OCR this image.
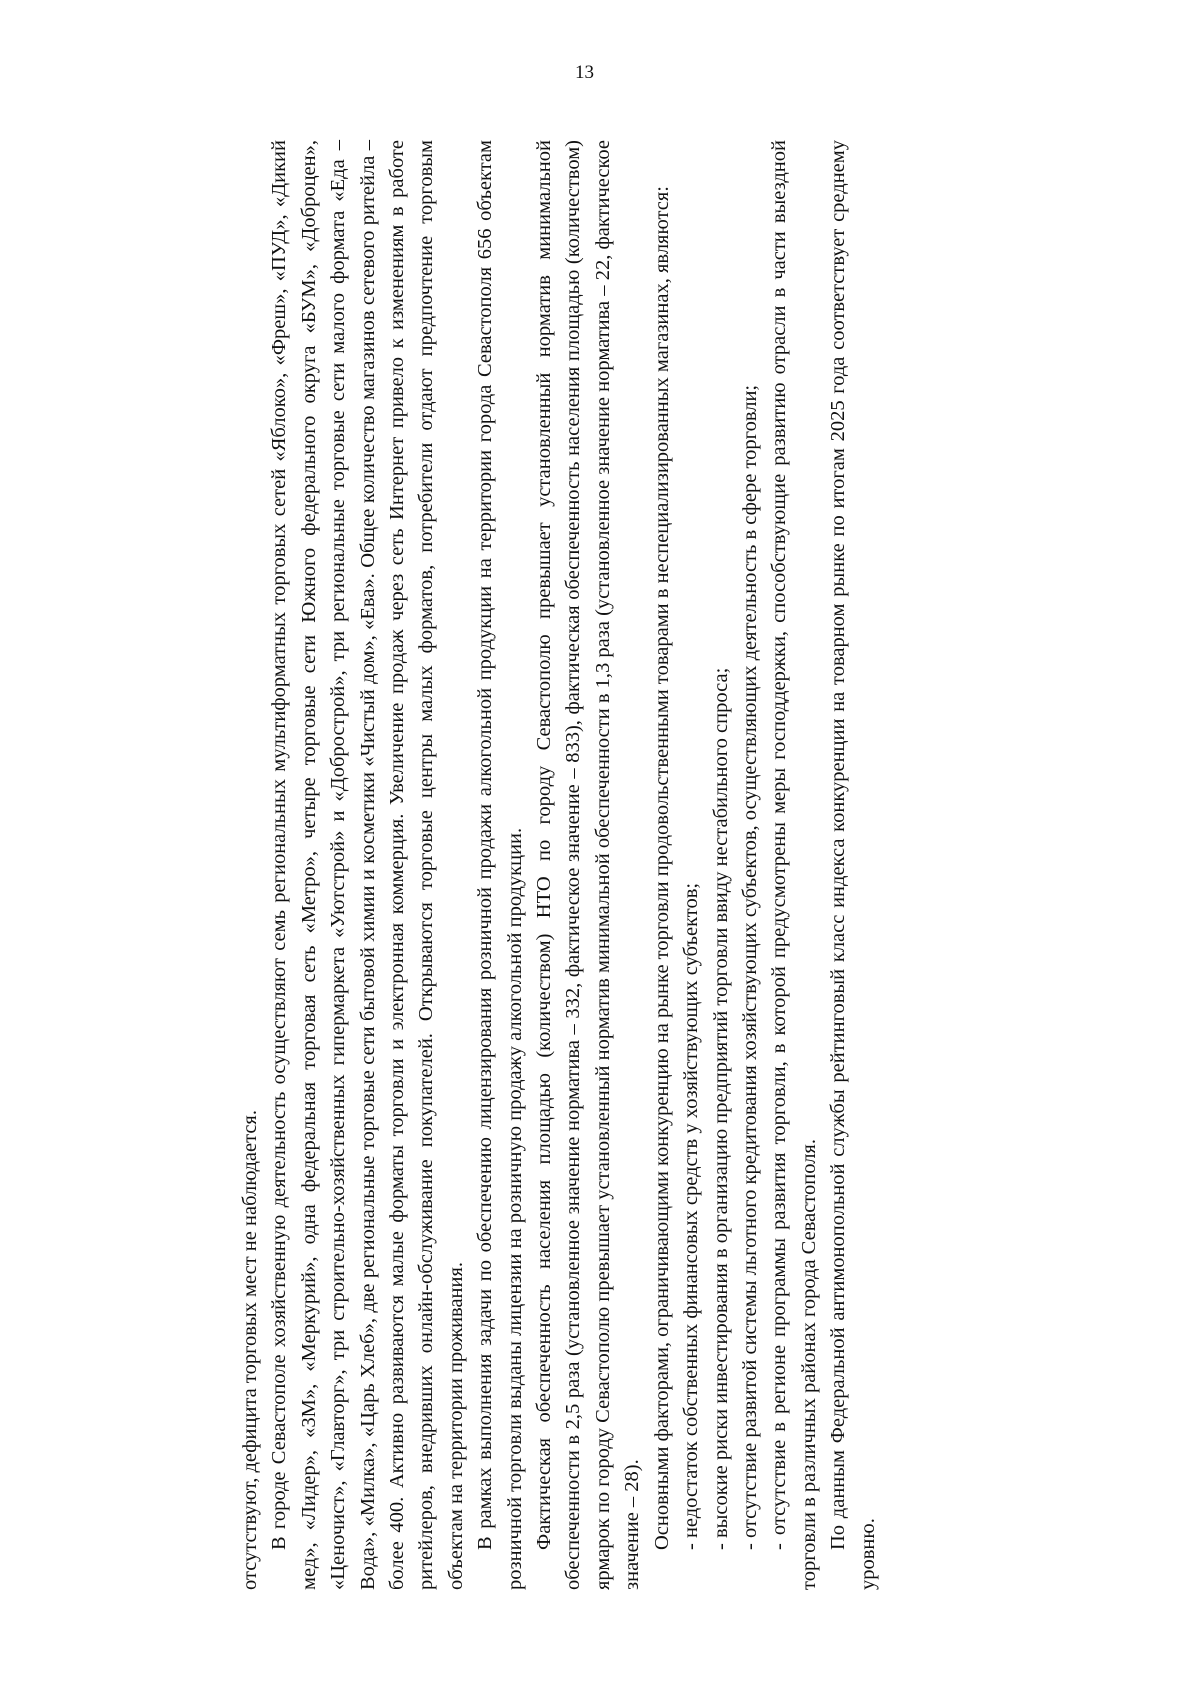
13

отсутствуют, дефицита торговых мест не наблюдается. В городе Севастополе хозяйственную деятельность осуществляют семь региональных мультиформатных торговых сетей «Яблоко», «Фреш», «ПУД», «Дикий мед», «Лидер», «3М», «Меркурий», одна федеральная торговая сеть «Метро», четыре торговые сети Южного федерального округа «БУМ», «Доброцен», «Ценочист», «Главторг», три строительно-хозяйственных гипермаркета «Уютстрой» и «Добрострой», три региональные торговые сети малого формата «Еда – Вода», «Милка», «Царь Хлеб», две региональные торговые сети бытовой химии и косметики «Чистый дом», «Ева». Общее количество магазинов сетевого ритейла – более 400. Активно развиваются малые форматы торговли и электронная коммерция. Увеличение продаж через сеть Интернет привело к изменениям в работе ритейлеров, внедривших онлайн-обслуживание покупателей. Открываются торговые центры малых форматов, потребители отдают предпочтение торговым объектам на территории проживания. В рамках выполнения задачи по обеспечению лицензирования розничной продажи алкогольной продукции на территории города Севастополя 656 объектам розничной торговли выданы лицензии на розничную продажу алкогольной продукции. Фактическая обеспеченность населения площадью (количеством) НТО по городу Севастополю превышает установленный норматив минимальной обеспеченности в 2,5 раза (установленное значение норматива – 332, фактическое значение – 833), фактическая обеспеченность населения площадью (количеством) ярмарок по городу Севастополю превышает установленный норматив минимальной обеспеченности в 1,3 раза (установленное значение норматива – 22, фактическое значение – 28). Основными факторами, ограничивающими конкуренцию на рынке торговли продовольственными товарами в неспециализированных магазинах, являются: - недостаток собственных финансовых средств у хозяйствующих субъектов; - высокие риски инвестирования в организацию предприятий торговли ввиду нестабильного спроса; - отсутствие развитой системы льготного кредитования хозяйствующих субъектов, осуществляющих деятельность в сфере торговли; - отсутствие в регионе программы развития торговли, в которой предусмотрены меры господдержки, способствующие развитию отрасли в части выездной торговли в различных районах города Севастополя. По данным Федеральной антимонопольной службы рейтинговый класс индекса конкуренции на товарном рынке по итогам 2025 года соответствует среднему уровню.
